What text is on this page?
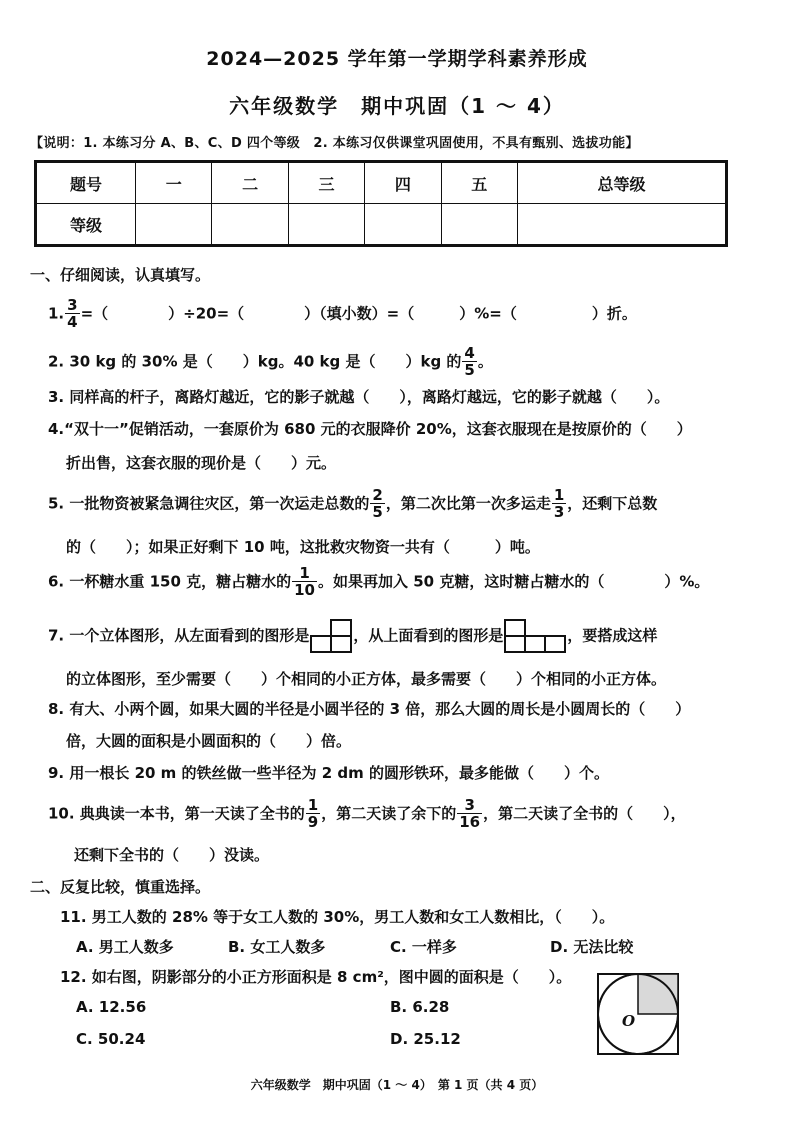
2024—2025 学年第一学期学科素养形成
六年级数学　期中巩固（1 ～ 4）
【说明：1. 本练习分 A、B、C、D 四个等级　2. 本练习仅供课堂巩固使用，不具有甄别、选拔功能】
题号	一	二	三	四	五	总等级
等级						
一、仔细阅读，认真填写。
1. $\frac{3}{4}$ =（　　　　）÷20=（　　　　）（填小数）=（　　　）%=（　　　　　）折。
2. 30 kg 的 30% 是（　　）kg。40 kg 是（　　）kg 的 $\frac{4}{5}$ 。
3. 同样高的杆子，离路灯越近，它的影子就越（　　），离路灯越远，它的影子就越（　　）。
4.“双十一”促销活动，一套原价为 680 元的衣服降价 20%，这套衣服现在是按原价的（　　）
折出售，这套衣服的现价是（　　）元。
5. 一批物资被紧急调往灾区，第一次运走总数的 $\frac{2}{5}$ ，第二次比第一次多运走 $\frac{1}{3}$ ，还剩下总数
的（　　）；如果正好剩下 10 吨，这批救灾物资一共有（　　　）吨。
6. 一杯糖水重 150 克，糖占糖水的 $\frac{1}{10}$ 。如果再加入 50 克糖，这时糖占糖水的（　　　　）%。
7. 一个立体图形，从左面看到的图形是	，从上面看到的图形是	，要搭成这样
的立体图形，至少需要（　　）个相同的小正方体，最多需要（　　）个相同的小正方体。
8. 有大、小两个圆，如果大圆的半径是小圆半径的 3 倍，那么大圆的周长是小圆周长的（　　）
倍，大圆的面积是小圆面积的（　　）倍。
9. 用一根长 20 m 的铁丝做一些半径为 2 dm 的圆形铁环，最多能做（　　）个。
10. 典典读一本书，第一天读了全书的 $\frac{1}{9}$ ，第二天读了余下的 $\frac{3}{16}$ ，第二天读了全书的（　　），
还剩下全书的（　　）没读。
二、反复比较，慎重选择。
11. 男工人数的 28% 等于女工人数的 30%，男工人数和女工人数相比，（　　）。
A. 男工人数多	B. 女工人数多	C. 一样多	D. 无法比较
12. 如右图，阴影部分的小正方形面积是 8 cm²，图中圆的面积是（　　）。
A. 12.56	B. 6.28
C. 50.24	D. 25.12
O
六年级数学　期中巩固（1 ～ 4）　第 1 页（共 4 页）
